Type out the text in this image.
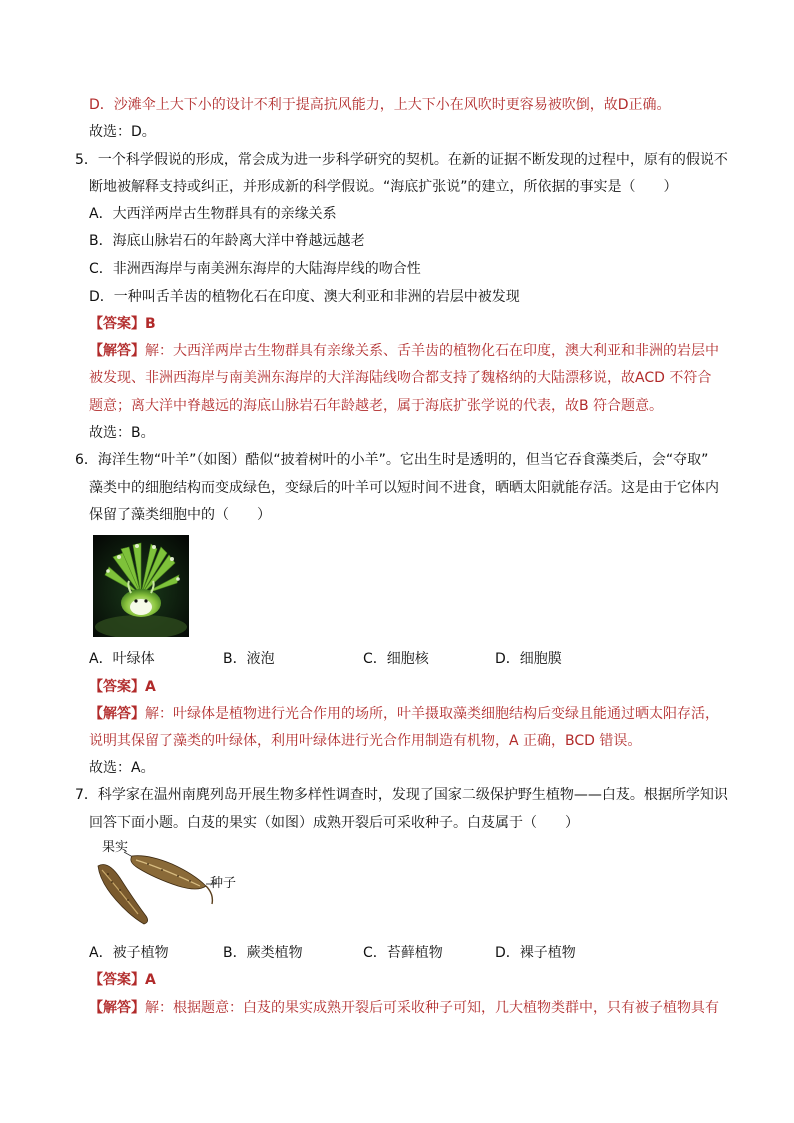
D．沙滩伞上大下小的设计不利于提高抗风能力，上大下小在风吹时更容易被吹倒，故D正确。
故选：D。
5．一个科学假说的形成，常会成为进一步科学研究的契机。在新的证据不断发现的过程中，原有的假说不
断地被解释支持或纠正，并形成新的科学假说。“海底扩张说”的建立，所依据的事实是（　　）
A．大西洋两岸古生物群具有的亲缘关系
B．海底山脉岩石的年龄离大洋中脊越远越老
C．非洲西海岸与南美洲东海岸的大陆海岸线的吻合性
D．一种叫舌羊齿的植物化石在印度、澳大利亚和非洲的岩层中被发现
【答案】B
【解答】解：大西洋两岸古生物群具有亲缘关系、舌羊齿的植物化石在印度，澳大利亚和非洲的岩层中
被发现、非洲西海岸与南美洲东海岸的大洋海陆线吻合都支持了魏格纳的大陆漂移说，故ACD 不符合
题意；离大洋中脊越远的海底山脉岩石年龄越老，属于海底扩张学说的代表，故B 符合题意。
故选：B。
6．海洋生物“叶羊”（如图）酷似“披着树叶的小羊”。它出生时是透明的，但当它吞食藻类后，会“夺取”
藻类中的细胞结构而变成绿色，变绿后的叶羊可以短时间不进食，晒晒太阳就能存活。这是由于它体内
保留了藻类细胞中的（　　）
A．叶绿体	B．液泡	C．细胞核	D．细胞膜
【答案】A
【解答】解：叶绿体是植物进行光合作用的场所，叶羊摄取藻类细胞结构后变绿且能通过晒太阳存活，
说明其保留了藻类的叶绿体，利用叶绿体进行光合作用制造有机物，A 正确，BCD 错误。
故选：A。
7．科学家在温州南麂列岛开展生物多样性调查时，发现了国家二级保护野生植物——白芨。根据所学知识
回答下面小题。白芨的果实（如图）成熟开裂后可采收种子。白芨属于（　　）
果实
种子
A．被子植物	B．蕨类植物	C．苔藓植物	D．裸子植物
【答案】A
【解答】解：根据题意：白芨的果实成熟开裂后可采收种子可知，几大植物类群中，只有被子植物具有
